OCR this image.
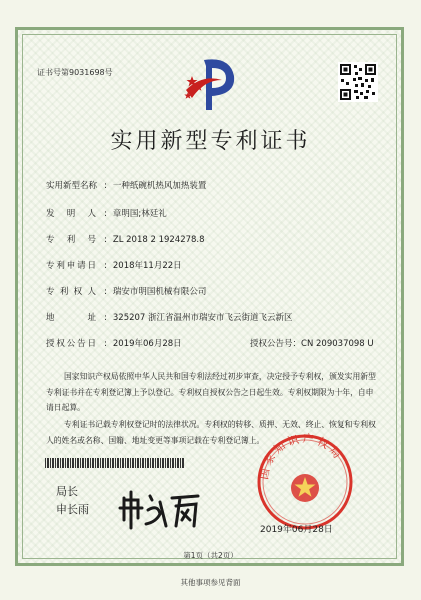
证书号第9031698号
实用新型专利证书
实用新型名称 : 一种纸碗机热风加热装置
发明人 : 章明国;林廷礼
专利号 : ZL 2018 2 1924278.8
专利申请日 : 2018年11月22日
专利权人 : 瑞安市明国机械有限公司
地址 : 325207 浙江省温州市瑞安市飞云街道飞云新区
授权公告日 : 2019年06月28日	授权公告号：CN 209037098 U
国家知识产权局依照中华人民共和国专利法经过初步审查，决定授予专利权，颁发实用新型专利证书并在专利登记簿上予以登记。专利权自授权公告之日起生效。专利权期限为十年，自申请日起算。
专利证书记载专利权登记时的法律状况。专利权的转移、质押、无效、终止、恢复和专利权人的姓名或名称、国籍、地址变更等事项记载在专利登记簿上。
局长
申长雨
国家知识产权局
2019年06月28日
第1页（共2页）
其他事项参见背面
